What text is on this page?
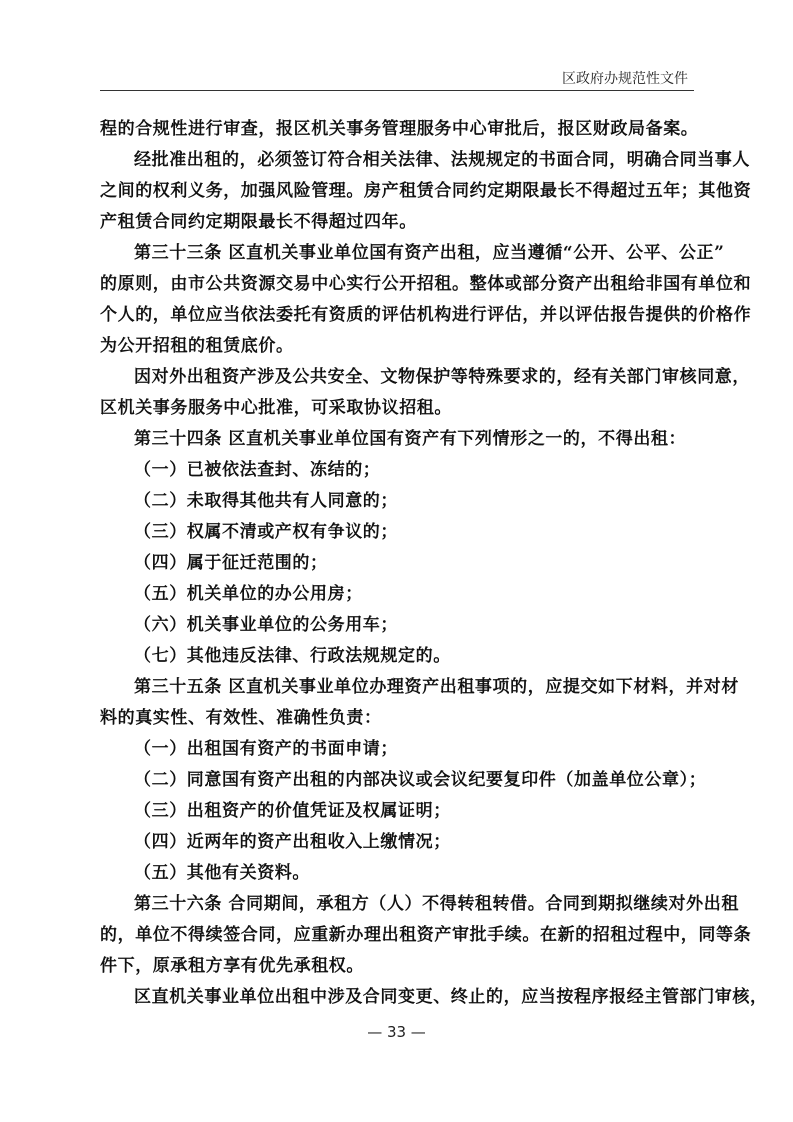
区政府办规范性文件

程的合规性进行审查，报区机关事务管理服务中心审批后，报区财政局备案。

经批准出租的，必须签订符合相关法律、法规规定的书面合同，明确合同当事人

之间的权利义务，加强风险管理。房产租赁合同约定期限最长不得超过五年；其他资

产租赁合同约定期限最长不得超过四年。

第三十三条 区直机关事业单位国有资产出租，应当遵循“公开、公平、公正”

的原则，由市公共资源交易中心实行公开招租。整体或部分资产出租给非国有单位和

个人的，单位应当依法委托有资质的评估机构进行评估，并以评估报告提供的价格作

为公开招租的租赁底价。

因对外出租资产涉及公共安全、文物保护等特殊要求的，经有关部门审核同意，

区机关事务服务中心批准，可采取协议招租。

第三十四条 区直机关事业单位国有资产有下列情形之一的，不得出租：

（一）已被依法查封、冻结的；

（二）未取得其他共有人同意的；

（三）权属不清或产权有争议的；

（四）属于征迁范围的；

（五）机关单位的办公用房；

（六）机关事业单位的公务用车；

（七）其他违反法律、行政法规规定的。

第三十五条 区直机关事业单位办理资产出租事项的，应提交如下材料，并对材

料的真实性、有效性、准确性负责：

（一）出租国有资产的书面申请；

（二）同意国有资产出租的内部决议或会议纪要复印件（加盖单位公章）；

（三）出租资产的价值凭证及权属证明；

（四）近两年的资产出租收入上缴情况；

（五）其他有关资料。

第三十六条 合同期间，承租方（人）不得转租转借。合同到期拟继续对外出租

的，单位不得续签合同，应重新办理出租资产审批手续。在新的招租过程中，同等条

件下，原承租方享有优先承租权。

区直机关事业单位出租中涉及合同变更、终止的，应当按程序报经主管部门审核，

— 33 —
